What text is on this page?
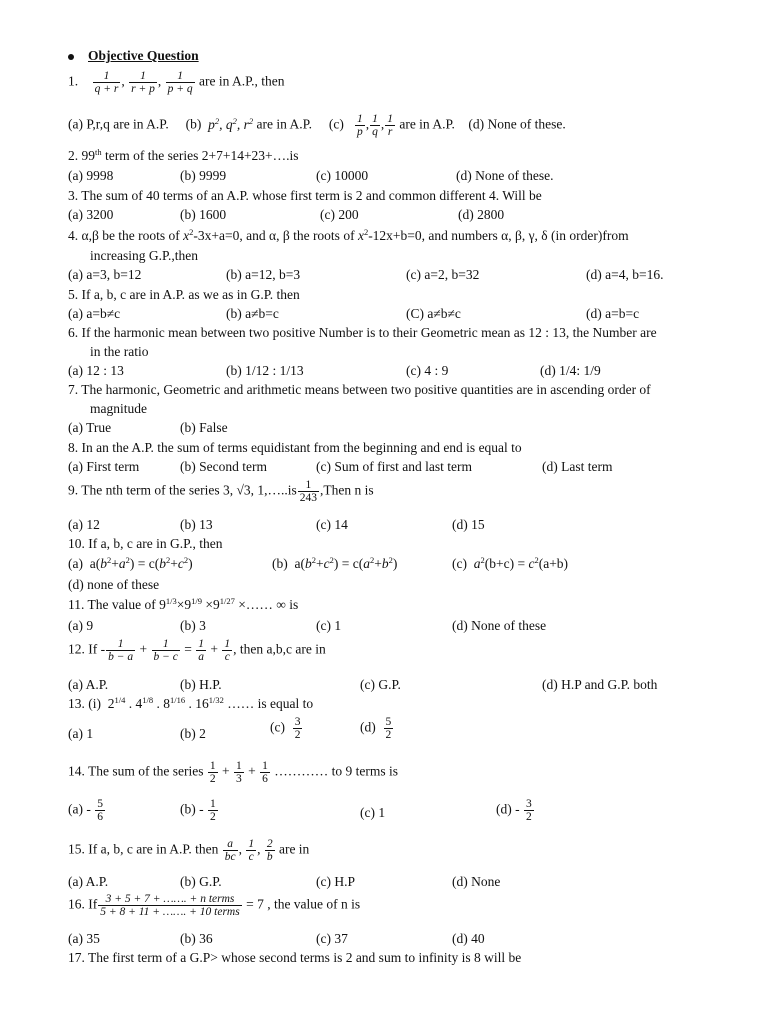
Objective Question
1. $\frac{1}{q + r}$ , $\frac{1}{r + p}$ , $\frac{1}{p + q}$ are in A.P., then
(a) P,r,q are in A.P. (b) $p^2$, $q^2$, $r^2$ are in A.P. $(c) \frac{1}{p}$ , $\frac{1}{q}$ , $\frac{1}{r}$ are in A.P. (d) None of these.
2. 99th term of the series 2+7+14+23+….is
(a) 9998	(b) 9999	(c) 10000	(d) None of these.
3. The sum of 40 terms of an A.P. whose first term is 2 and common different 4. Will be
(a) 3200	(b) 1600	(c) 200	(d) 2800
4. α,β be the roots of $x^2-3x+a=0$, and α, β the roots of $x^2-12x+b=0$, and numbers α, β, γ, δ (in order)from
increasing G.P.,then
(a) a=3, b=12	(b) a=12, b=3	(c) a=2, b=32	(d) a=4, b=16.
5. If a, b, c are in A.P. as we as in G.P. then
(a) a=b≠c	(b) a≠b=c	(C) a≠b≠c	(d) a=b=c
6. If the harmonic mean between two positive Number is to their Geometric mean as 12 : 13, the Number are
in the ratio
(a) 12 : 13	(b) 1/12 : 1/13	(c) 4 : 9	(d) 1/4: 1/9
7. The harmonic, Geometric and arithmetic means between two positive quantities are in ascending order of
magnitude
(a) True	(b) False
8. In an the A.P. the sum of terms equidistant from the beginning and end is equal to
(a) First term	(b) Second term	(c) Sum of first and last term	(d) Last term
9. The nth term of the series 3, √3, 1,…..is $\frac{1}{243}$ ,Then n is
(a) 12	(b) 13	(c) 14	(d) 15
10. If a, b, c are in G.P., then
(a)  $a(b^2+a^2) = c(b^2+c^2)$	(b)  $a(b^2+c^2) = c(a^2+b^2)$	(c)  $a^2(b+c) = c^2(a+b)$
(d) none of these
11. The value of $9^{1/3}\times 9^{1/9} \times 9^{1/27}$ ×…… ∞ is
(a) 9	(b) 3	(c) 1	(d) None of these
12. $If - \frac{1}{b - a} + \frac{1}{b - c} = \frac{1}{a} + \frac{1}{c}$ , then a,b,c are in
(a) A.P.	(b) H.P.	(c) G.P.	(d) H.P and G.P. both
13. (i)  $2^{1/4}$ . $4^{1/8}$ . $8^{1/16}$ . $16^{1/32}$ …… is equal to
(a) 1	(b) 2	$(c) \frac{3}{2}$	$(d) \frac{5}{2}$
14. The sum of the series $\frac{1}{2} + \frac{1}{3} + \frac{1}{6}$ ………… to 9 terms is
$(a) - \frac{5}{6}$	$(b) - \frac{1}{2}$	(c) 1	$(d) - \frac{3}{2}$
15. If a, b, c are in A.P. then $\frac{a}{bc}$ , $\frac{1}{c}$ , $\frac{2}{b}$ are in
(a) A.P.	(b) G.P.	(c) H.P	(d) None
16. If $\frac{\text{3 + 5 + 7 + ……. + n terms}}{\text{5 + 8 + 11 + ……. + 10 terms}} = 7$ , the value of n is
(a) 35	(b) 36	(c) 37	(d) 40
17. The first term of a G.P> whose second terms is 2 and sum to infinity is 8 will be
